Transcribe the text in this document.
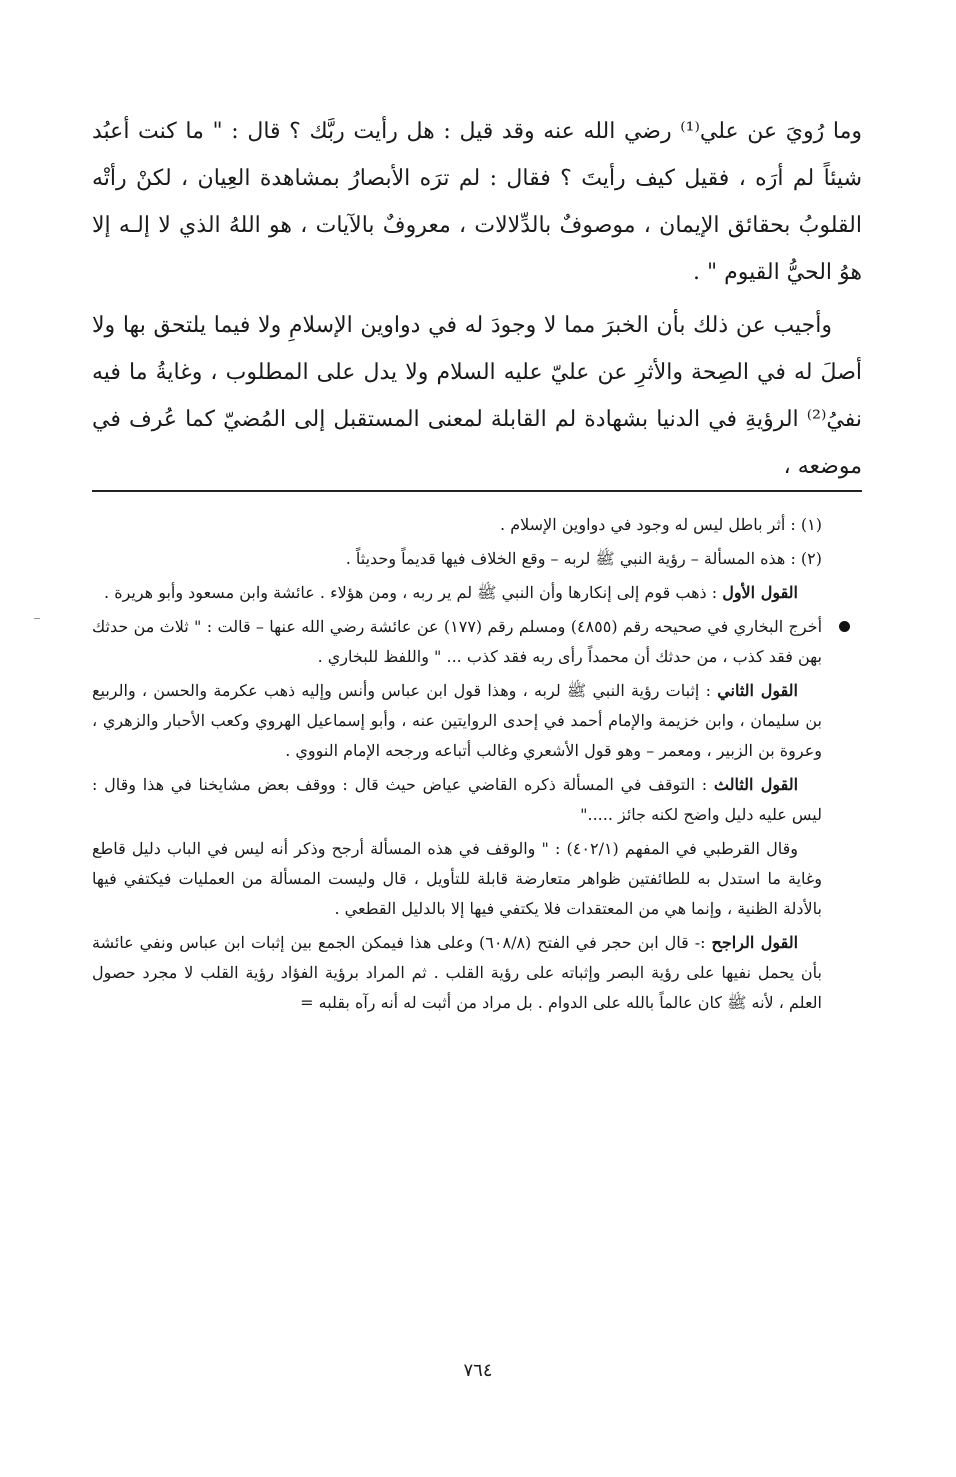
وما رُويَ عن علي⁽¹⁾ رضي الله عنه وقد قيل : هل رأيت ربَّك ؟ قال : " ما كنت أعبُد شيئاً لم أرَه ، فقيل كيف رأيتَ ؟ فقال : لم ترَه الأبصارُ بمشاهدة العِيان ، لكنْ رأتْه القلوبُ بحقائق الإيمان ، موصوفٌ بالدِّلالات ، معروفٌ بالآيات ، هو اللهُ الذي لا إلـه إلا هوُ الحيُّ القيوم " .

وأجيب عن ذلك بأن الخبرَ مما لا وجودَ له في دواوين الإسلامِ ولا فيما يلتحق بها ولا أصلَ له في الصِحة والأثرِ عن عليّ عليه السلام ولا يدل على المطلوب ، وغايةُ ما فيه نفيُ⁽²⁾ الرؤيةِ في الدنيا بشهادة لم القابلة لمعنى المستقبل إلى المُضيّ كما عُرف في موضعه ،

(١) : أثر باطل ليس له وجود في دواوين الإسلام .

(٢) : هذه المسألة – رؤية النبي ﷺ لربه – وقع الخلاف فيها قديماً وحديثاً .

القول الأول : ذهب قوم إلى إنكارها وأن النبي ﷺ لم ير ربه ، ومن هؤلاء . عائشة وابن مسعود وأبو هريرة .

أخرج البخاري في صحيحه رقم (٤٨٥٥) ومسلم رقم (١٧٧) عن عائشة رضي الله عنها – قالت : " ثلاث من حدثك بهن فقد كذب ، من حدثك أن محمداً رأى ربه فقد كذب ... " واللفظ للبخاري .

القول الثاني : إثبات رؤية النبي ﷺ لربه ، وهذا قول ابن عباس وأنس وإليه ذهب عكرمة والحسن ، والربيع بن سليمان ، وابن خزيمة والإمام أحمد في إحدى الروايتين عنه ، وأبو إسماعيل الهروي وكعب الأحبار والزهري ، وعروة بن الزبير ، ومعمر – وهو قول الأشعري وغالب أتباعه ورجحه الإمام النووي .

القول الثالث : التوقف في المسألة ذكره القاضي عياض حيث قال : ووقف بعض مشايخنا في هذا وقال : ليس عليه دليل واضح لكنه جائز ....."

وقال القرطبي في المفهم (٤٠٢/١) : " والوقف في هذه المسألة أرجح وذكر أنه ليس في الباب دليل قاطع وغاية ما استدل به للطائفتين ظواهر متعارضة قابلة للتأويل ، قال وليست المسألة من العمليات فيكتفي فيها بالأدلة الظنية ، وإنما هي من المعتقدات فلا يكتفي فيها إلا بالدليل القطعي .

القول الراجح :- قال ابن حجر في الفتح (٦٠٨/٨) وعلى هذا فيمكن الجمع بين إثبات ابن عباس ونفي عائشة بأن يحمل نفيها على رؤية البصر وإثباته على رؤية القلب . ثم المراد برؤية الفؤاد رؤية القلب لا مجرد حصول العلم ، لأنه ﷺ كان عالماً بالله على الدوام . بل مراد من أثبت له أنه رآه بقلبه =

٧٦٤
